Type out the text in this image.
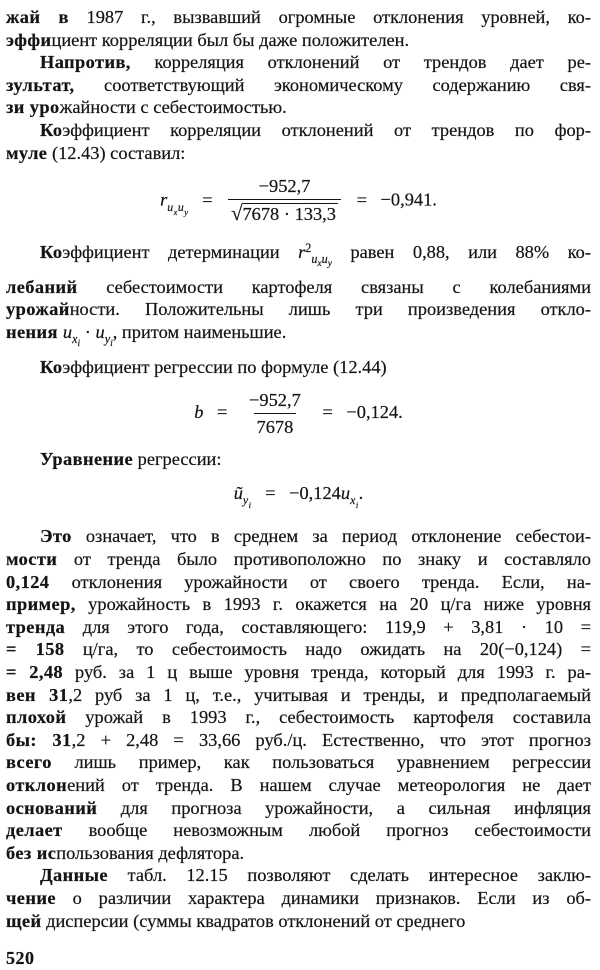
жай в 1987 г., вызвавший огромные отклонения уровней, ко-
эффициент корреляции был бы даже положителен.
Напротив, корреляция отклонений от трендов дает ре-
зультат, соответствующий экономическому содержанию свя-
зи урожайности с себестоимостью.
Коэффициент корреляции отклонений от трендов по фор-
муле (12.43) составил:
$r_{u_xu_y} = \frac{-952,7}{√7678 \cdot 133,3} = -0,941$.
Коэффициент детерминации $r^2_{uxuy}$ равен 0,88, или 88% ко-
лебаний себестоимости картофеля связаны с колебаниями
урожайности. Положительны лишь три произведения откло-
нения $u_{xi} \cdot u_{yi}$, притом наименьшие.
Коэффициент регрессии по формуле (12.44)
$b = \frac{-952,7}{7678} = -0,124$.
Уравнение регрессии:
$ũ_{y_i} = -0,124u_{x_i}$.
Это означает, что в среднем за период отклонение себестои-
мости от тренда было противоположно по знаку и составляло
0,124 отклонения урожайности от своего тренда. Если, на-
пример, урожайность в 1993 г. окажется на 20 ц/га ниже уровня
тренда для этого года, составляющего: 119,9 + 3,81 · 10 =
= 158 ц/га, то себестоимость надо ожидать на 20(−0,124) =
= 2,48 руб. за 1 ц выше уровня тренда, который для 1993 г. ра-
вен 31,2 руб за 1 ц, т.е., учитывая и тренды, и предполагаемый
плохой урожай в 1993 г., себестоимость картофеля составила
бы: 31,2 + 2,48 = 33,66 руб./ц. Естественно, что этот прогноз
всего лишь пример, как пользоваться уравнением регрессии
отклонений от тренда. В нашем случае метеорология не дает
оснований для прогноза урожайности, а сильная инфляция
делает вообще невозможным любой прогноз себестоимости
без использования дефлятора.
Данные табл. 12.15 позволяют сделать интересное заклю-
чение о различии характера динамики признаков. Если из об-
щей дисперсии (суммы квадратов отклонений от среднего
520
